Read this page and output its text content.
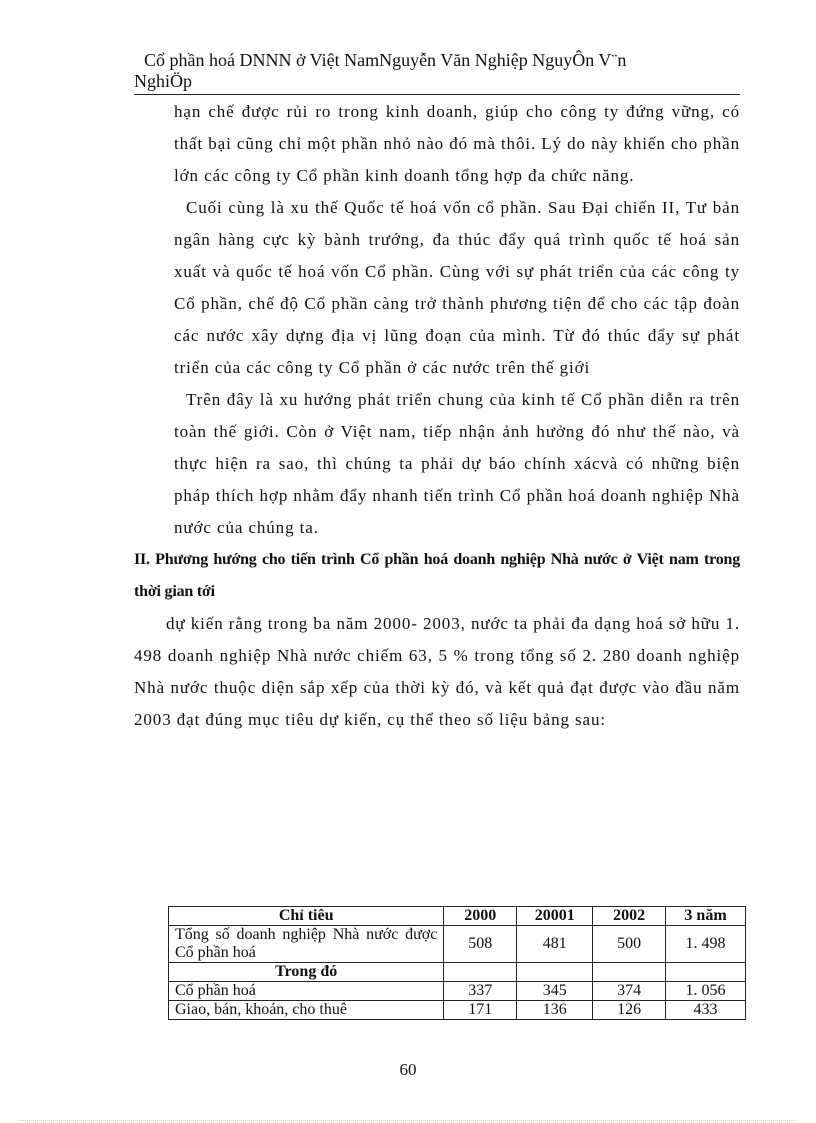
Cổ phần hoá DNNN ở Việt NamNguyễn Văn Nghiệp NguyÔn V¨n
NghiÖp

hạn chế được rủi ro trong kinh doanh, giúp cho công ty đứng vững, có thất bại cũng chỉ một phần nhỏ nào đó mà thôi. Lý do này khiến cho phần lớn các công ty Cổ phần kinh doanh tổng hợp đa chức năng.

Cuối cùng là xu thế Quốc tế hoá vốn cổ phần. Sau Đại chiến II, Tư bản ngân hàng cực kỳ bành trướng, đa thúc đẩy quá trình quốc tế hoá sản xuất và quốc tế hoá vốn Cổ phần. Cùng với sự phát triển của các công ty Cổ phần, chế độ Cổ phần càng trở thành phương tiện để cho các tập đoàn các nước xây dựng địa vị lũng đoạn của mình. Từ đó thúc đẩy sự phát triển của các công ty Cổ phần ở các nước trên thế giới

Trên đây là xu hướng phát triển chung của kinh tế Cổ phần diễn ra trên toàn thế giới. Còn ở Việt nam, tiếp nhận ảnh hưởng đó như thế nào, và thực hiện ra sao, thì chúng ta phải dự báo chính xácvà có những biện pháp thích hợp nhằm đẩy nhanh tiến trình Cổ phần hoá doanh nghiệp Nhà nước của chúng ta.

II. Phương hướng cho tiến trình Cổ phần hoá doanh nghiệp Nhà nước ở Việt nam trong thời gian tới

dự kiến rằng trong ba năm 2000- 2003, nước ta phải đa dạng hoá sở hữu 1. 498 doanh nghiệp Nhà nước chiếm 63, 5 % trong tổng số 2. 280 doanh nghiệp Nhà nước thuộc diện sắp xếp của thời kỳ đó, và kết quả đạt được vào đầu năm 2003 đạt đúng mục tiêu dự kiến, cụ thể theo số liệu bảng sau:

Chỉ tiêu	2000	20001	2002	3 năm
Tổng số doanh nghiệp Nhà nước được Cổ phần hoá	508	481	500	1. 498
Trong đó				
Cổ phần hoá	337	345	374	1. 056
Giao, bán, khoán, cho thuê	171	136	126	433
60
